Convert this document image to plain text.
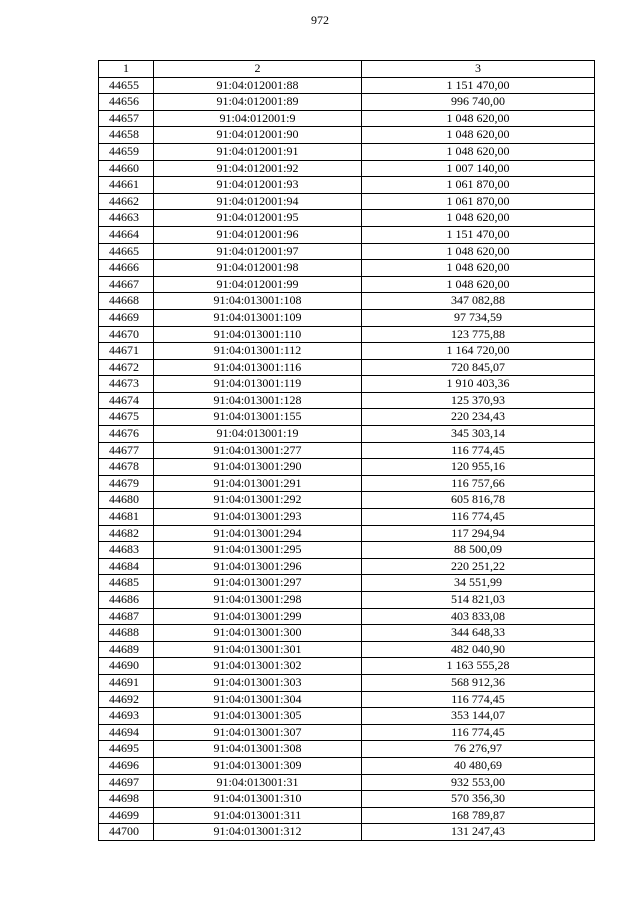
972
1	2	3
44655	91:04:012001:88	1 151 470,00
44656	91:04:012001:89	996 740,00
44657	91:04:012001:9	1 048 620,00
44658	91:04:012001:90	1 048 620,00
44659	91:04:012001:91	1 048 620,00
44660	91:04:012001:92	1 007 140,00
44661	91:04:012001:93	1 061 870,00
44662	91:04:012001:94	1 061 870,00
44663	91:04:012001:95	1 048 620,00
44664	91:04:012001:96	1 151 470,00
44665	91:04:012001:97	1 048 620,00
44666	91:04:012001:98	1 048 620,00
44667	91:04:012001:99	1 048 620,00
44668	91:04:013001:108	347 082,88
44669	91:04:013001:109	97 734,59
44670	91:04:013001:110	123 775,88
44671	91:04:013001:112	1 164 720,00
44672	91:04:013001:116	720 845,07
44673	91:04:013001:119	1 910 403,36
44674	91:04:013001:128	125 370,93
44675	91:04:013001:155	220 234,43
44676	91:04:013001:19	345 303,14
44677	91:04:013001:277	116 774,45
44678	91:04:013001:290	120 955,16
44679	91:04:013001:291	116 757,66
44680	91:04:013001:292	605 816,78
44681	91:04:013001:293	116 774,45
44682	91:04:013001:294	117 294,94
44683	91:04:013001:295	88 500,09
44684	91:04:013001:296	220 251,22
44685	91:04:013001:297	34 551,99
44686	91:04:013001:298	514 821,03
44687	91:04:013001:299	403 833,08
44688	91:04:013001:300	344 648,33
44689	91:04:013001:301	482 040,90
44690	91:04:013001:302	1 163 555,28
44691	91:04:013001:303	568 912,36
44692	91:04:013001:304	116 774,45
44693	91:04:013001:305	353 144,07
44694	91:04:013001:307	116 774,45
44695	91:04:013001:308	76 276,97
44696	91:04:013001:309	40 480,69
44697	91:04:013001:31	932 553,00
44698	91:04:013001:310	570 356,30
44699	91:04:013001:311	168 789,87
44700	91:04:013001:312	131 247,43
